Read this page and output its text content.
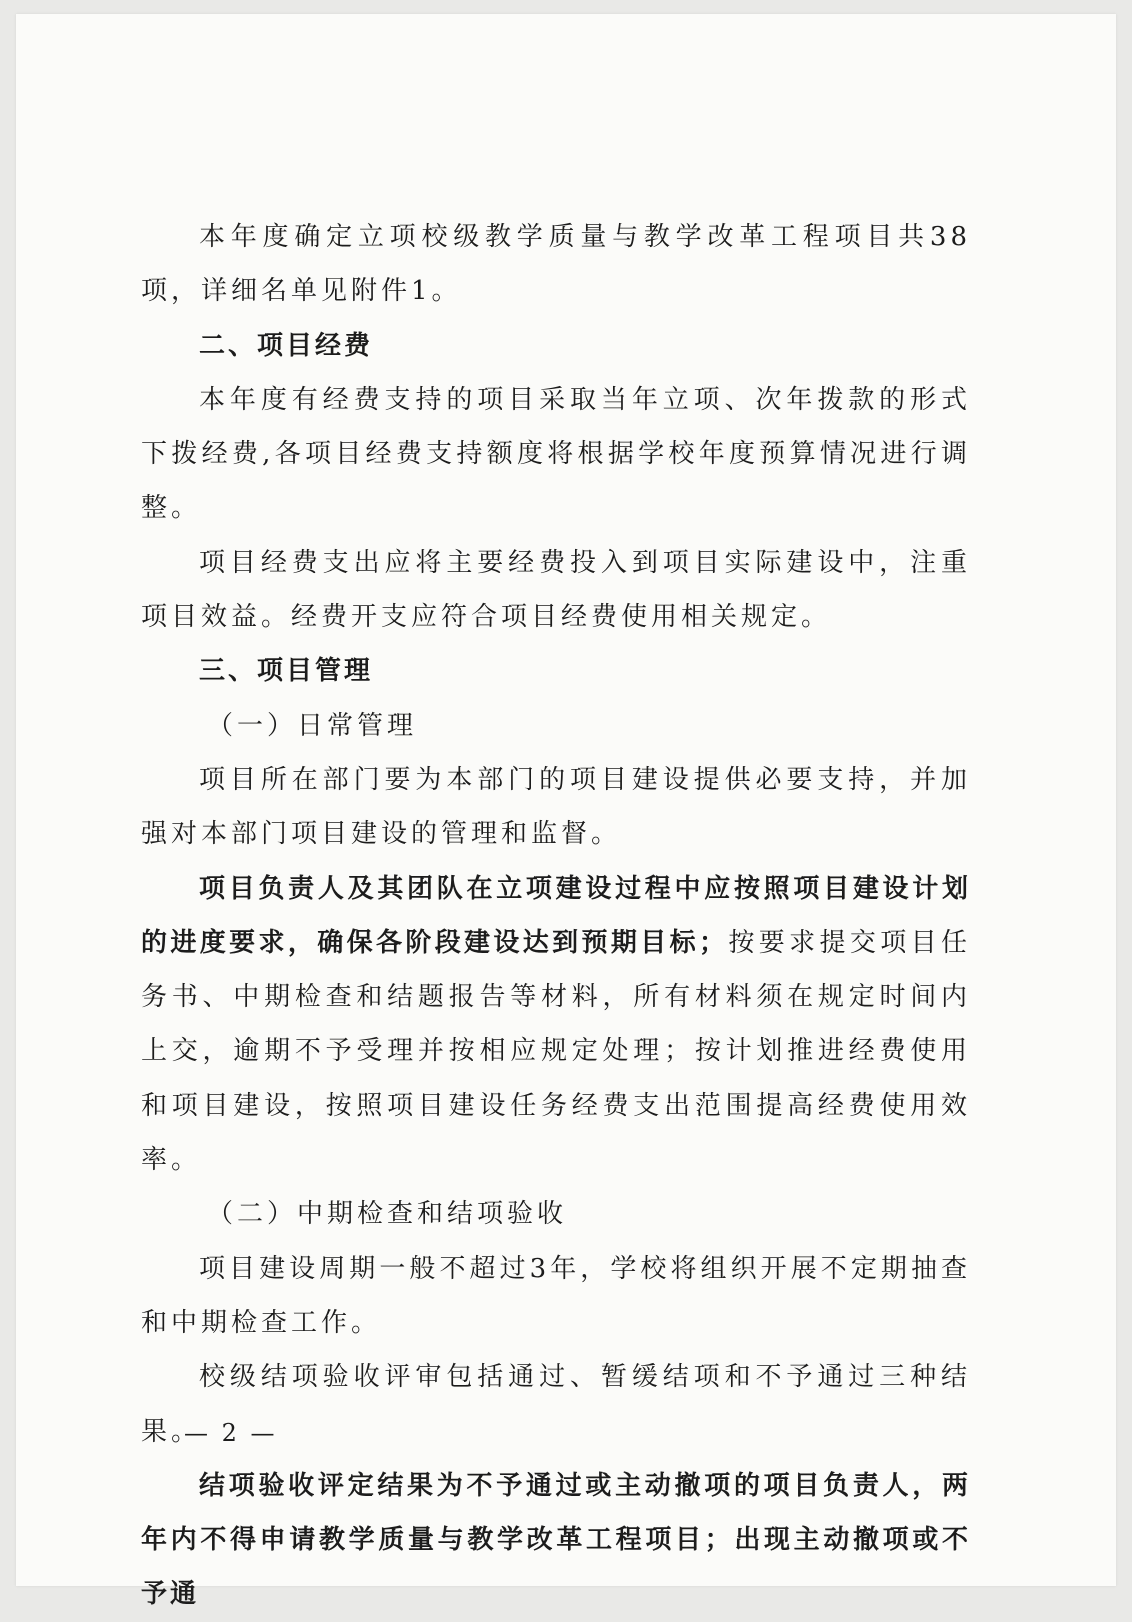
本年度确定立项校级教学质量与教学改革工程项目共38项，详细名单见附件1。

二、项目经费

本年度有经费支持的项目采取当年立项、次年拨款的形式下拨经费,各项目经费支持额度将根据学校年度预算情况进行调整。

项目经费支出应将主要经费投入到项目实际建设中，注重项目效益。经费开支应符合项目经费使用相关规定。

三、项目管理

（一）日常管理

项目所在部门要为本部门的项目建设提供必要支持，并加强对本部门项目建设的管理和监督。

项目负责人及其团队在立项建设过程中应按照项目建设计划的进度要求，确保各阶段建设达到预期目标；按要求提交项目任务书、中期检查和结题报告等材料，所有材料须在规定时间内上交，逾期不予受理并按相应规定处理；按计划推进经费使用和项目建设，按照项目建设任务经费支出范围提高经费使用效率。

（二）中期检查和结项验收

项目建设周期一般不超过3年，学校将组织开展不定期抽查和中期检查工作。

校级结项验收评审包括通过、暂缓结项和不予通过三种结果。

结项验收评定结果为不予通过或主动撤项的项目负责人，两年内不得申请教学质量与教学改革工程项目；出现主动撤项或不予通

— 2 —
